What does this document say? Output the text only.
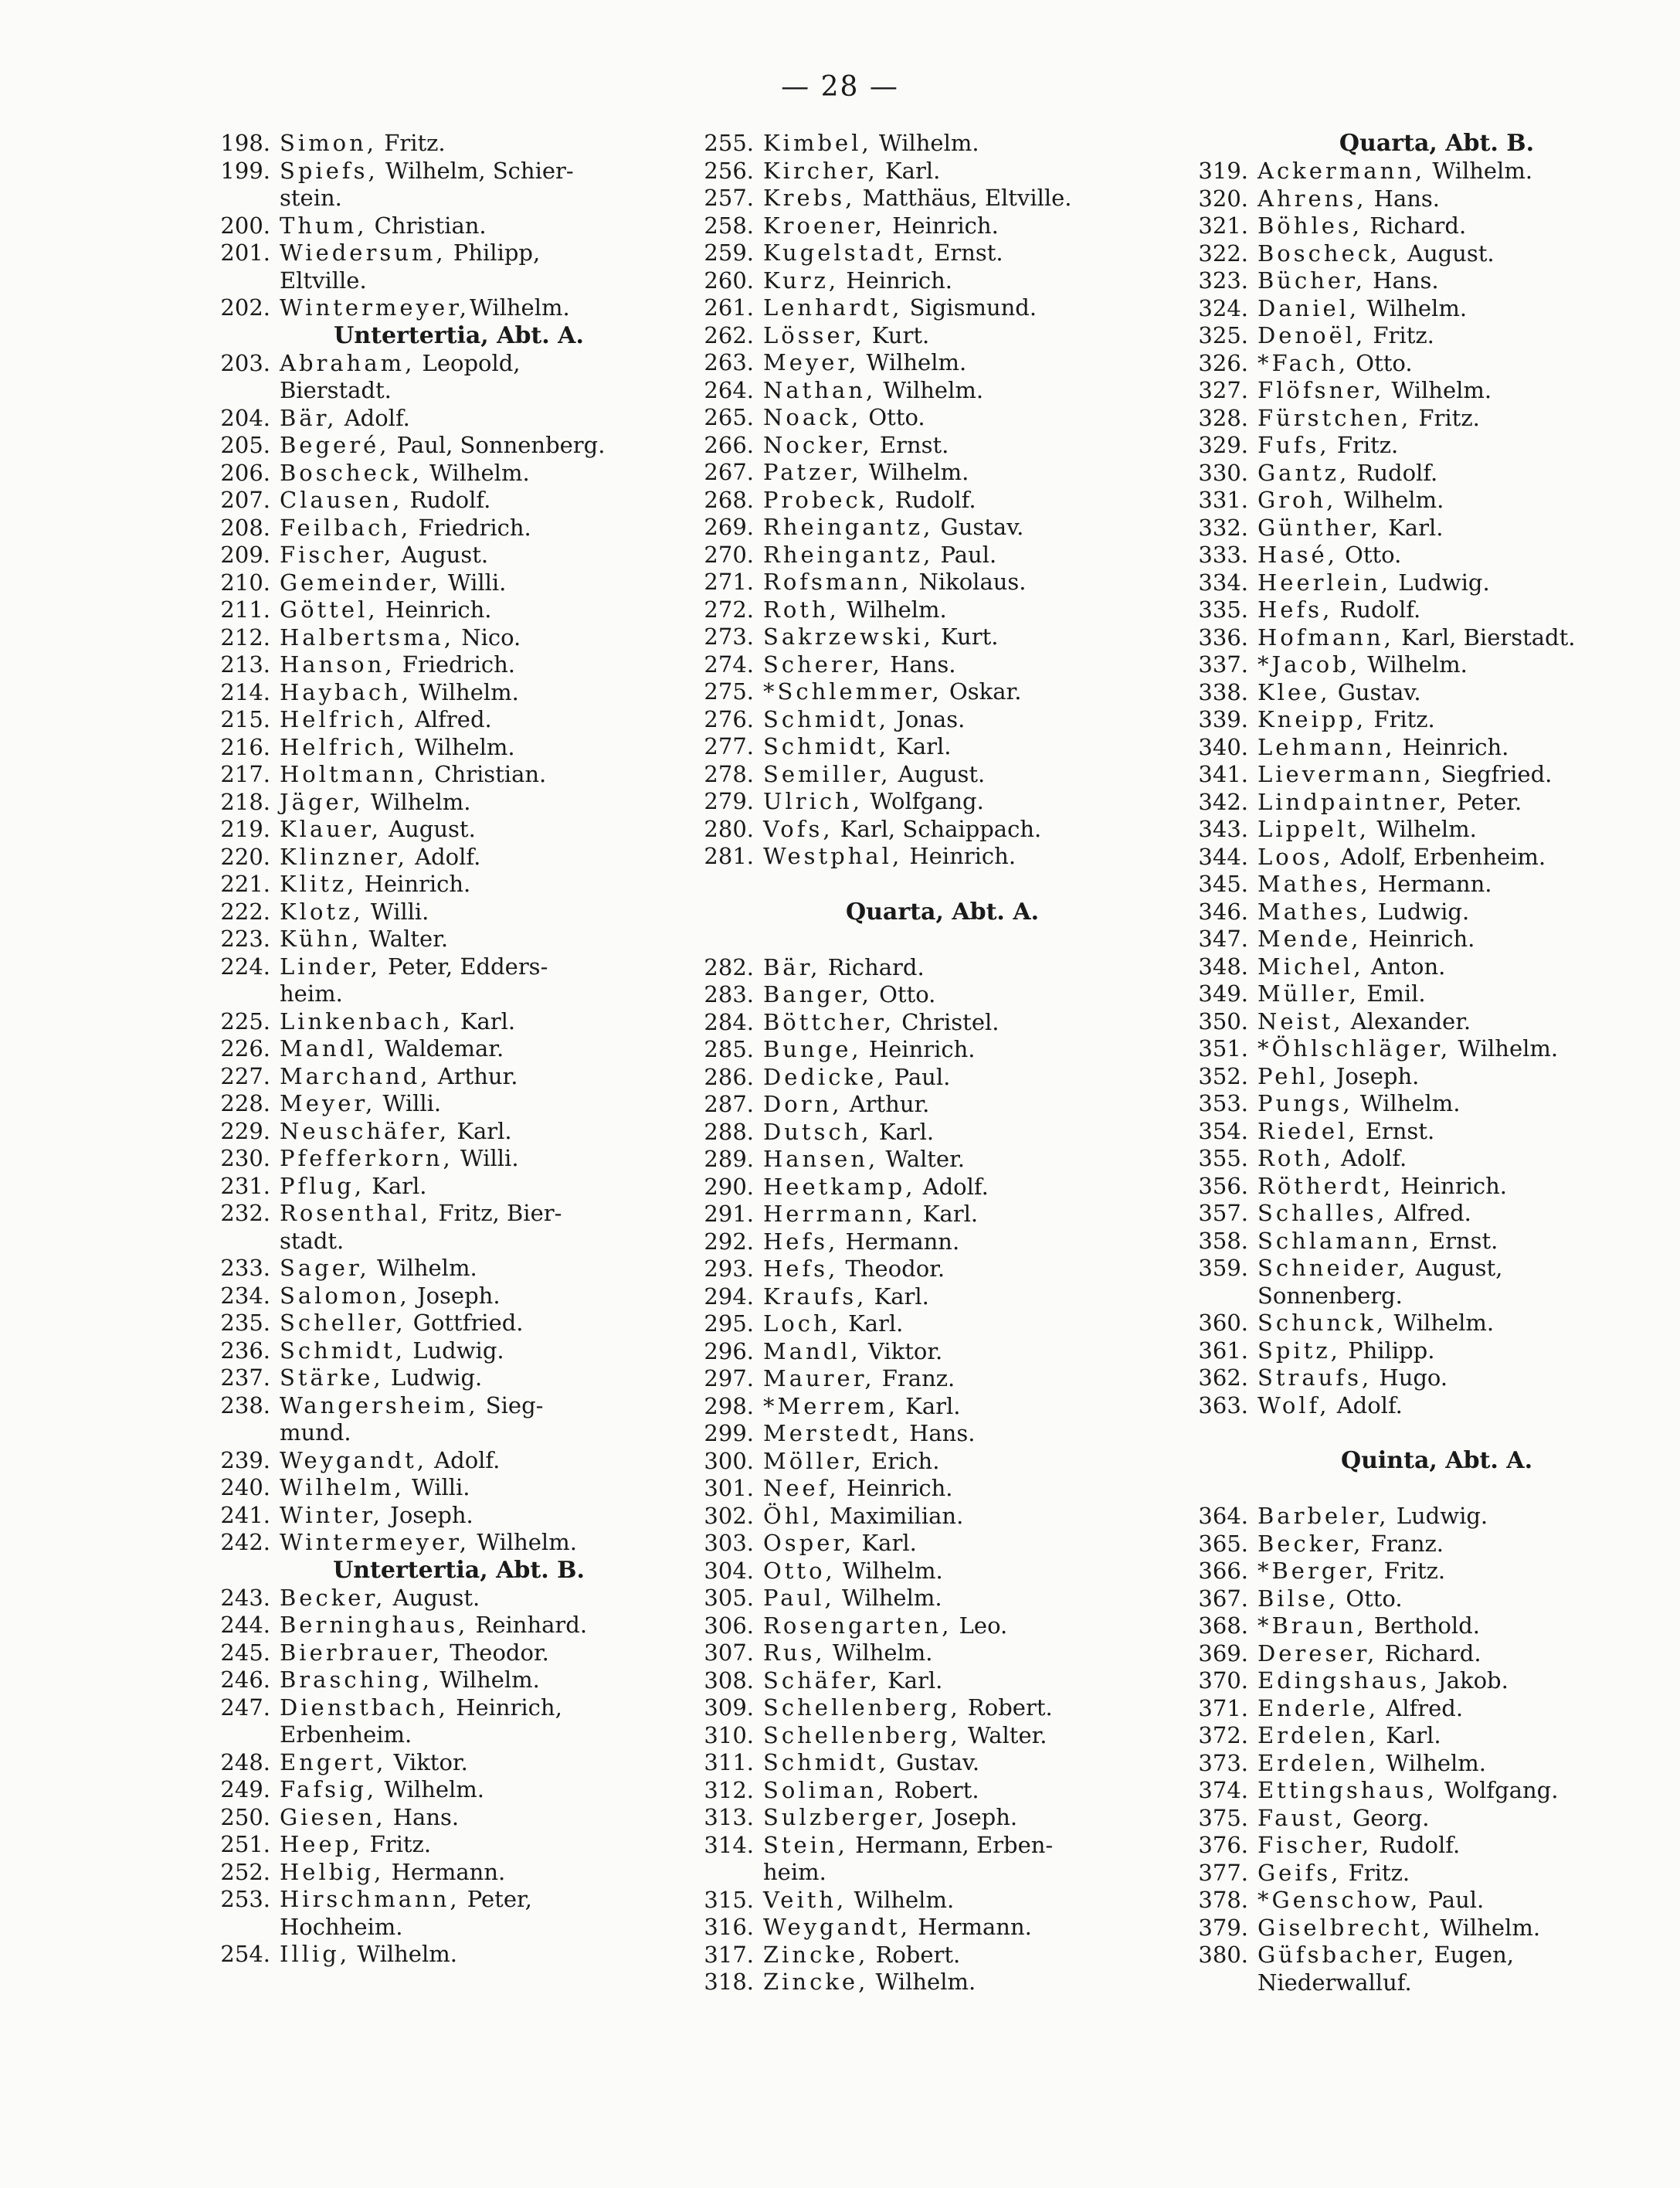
— 28 —
198. Simon, Fritz.
199. Spiefs, Wilhelm, Schier-
stein.
200. Thum, Christian.
201. Wiedersum, Philipp,
Eltville.
202. Wintermeyer,Wilhelm.
Untertertia, Abt. A.
203. Abraham, Leopold,
Bierstadt.
204. Bär, Adolf.
205. Begeré, Paul, Sonnenberg.
206. Boscheck, Wilhelm.
207. Clausen, Rudolf.
208. Feilbach, Friedrich.
209. Fischer, August.
210. Gemeinder, Willi.
211. Göttel, Heinrich.
212. Halbertsma, Nico.
213. Hanson, Friedrich.
214. Haybach, Wilhelm.
215. Helfrich, Alfred.
216. Helfrich, Wilhelm.
217. Holtmann, Christian.
218. Jäger, Wilhelm.
219. Klauer, August.
220. Klinzner, Adolf.
221. Klitz, Heinrich.
222. Klotz, Willi.
223. Kühn, Walter.
224. Linder, Peter, Edders-
heim.
225. Linkenbach, Karl.
226. Mandl, Waldemar.
227. Marchand, Arthur.
228. Meyer, Willi.
229. Neuschäfer, Karl.
230. Pfefferkorn, Willi.
231. Pflug, Karl.
232. Rosenthal, Fritz, Bier-
stadt.
233. Sager, Wilhelm.
234. Salomon, Joseph.
235. Scheller, Gottfried.
236. Schmidt, Ludwig.
237. Stärke, Ludwig.
238. Wangersheim, Sieg-
mund.
239. Weygandt, Adolf.
240. Wilhelm, Willi.
241. Winter, Joseph.
242. Wintermeyer, Wilhelm.
Untertertia, Abt. B.
243. Becker, August.
244. Berninghaus, Reinhard.
245. Bierbrauer, Theodor.
246. Brasching, Wilhelm.
247. Dienstbach, Heinrich,
Erbenheim.
248. Engert, Viktor.
249. Fafsig, Wilhelm.
250. Giesen, Hans.
251. Heep, Fritz.
252. Helbig, Hermann.
253. Hirschmann, Peter,
Hochheim.
254. Illig, Wilhelm.
255. Kimbel, Wilhelm.
256. Kircher, Karl.
257. Krebs, Matthäus, Eltville.
258. Kroener, Heinrich.
259. Kugelstadt, Ernst.
260. Kurz, Heinrich.
261. Lenhardt, Sigismund.
262. Lösser, Kurt.
263. Meyer, Wilhelm.
264. Nathan, Wilhelm.
265. Noack, Otto.
266. Nocker, Ernst.
267. Patzer, Wilhelm.
268. Probeck, Rudolf.
269. Rheingantz, Gustav.
270. Rheingantz, Paul.
271. Rofsmann, Nikolaus.
272. Roth, Wilhelm.
273. Sakrzewski, Kurt.
274. Scherer, Hans.
275. *Schlemmer, Oskar.
276. Schmidt, Jonas.
277. Schmidt, Karl.
278. Semiller, August.
279. Ulrich, Wolfgang.
280. Vofs, Karl, Schaippach.
281. Westphal, Heinrich.
Quarta, Abt. A.
282. Bär, Richard.
283. Banger, Otto.
284. Böttcher, Christel.
285. Bunge, Heinrich.
286. Dedicke, Paul.
287. Dorn, Arthur.
288. Dutsch, Karl.
289. Hansen, Walter.
290. Heetkamp, Adolf.
291. Herrmann, Karl.
292. Hefs, Hermann.
293. Hefs, Theodor.
294. Kraufs, Karl.
295. Loch, Karl.
296. Mandl, Viktor.
297. Maurer, Franz.
298. *Merrem, Karl.
299. Merstedt, Hans.
300. Möller, Erich.
301. Neef, Heinrich.
302. Öhl, Maximilian.
303. Osper, Karl.
304. Otto, Wilhelm.
305. Paul, Wilhelm.
306. Rosengarten, Leo.
307. Rus, Wilhelm.
308. Schäfer, Karl.
309. Schellenberg, Robert.
310. Schellenberg, Walter.
311. Schmidt, Gustav.
312. Soliman, Robert.
313. Sulzberger, Joseph.
314. Stein, Hermann, Erben-
heim.
315. Veith, Wilhelm.
316. Weygandt, Hermann.
317. Zincke, Robert.
318. Zincke, Wilhelm.
Quarta, Abt. B.
319. Ackermann, Wilhelm.
320. Ahrens, Hans.
321. Böhles, Richard.
322. Boscheck, August.
323. Bücher, Hans.
324. Daniel, Wilhelm.
325. Denoël, Fritz.
326. *Fach, Otto.
327. Flöfsner, Wilhelm.
328. Fürstchen, Fritz.
329. Fufs, Fritz.
330. Gantz, Rudolf.
331. Groh, Wilhelm.
332. Günther, Karl.
333. Hasé, Otto.
334. Heerlein, Ludwig.
335. Hefs, Rudolf.
336. Hofmann, Karl, Bierstadt.
337. *Jacob, Wilhelm.
338. Klee, Gustav.
339. Kneipp, Fritz.
340. Lehmann, Heinrich.
341. Lievermann, Siegfried.
342. Lindpaintner, Peter.
343. Lippelt, Wilhelm.
344. Loos, Adolf, Erbenheim.
345. Mathes, Hermann.
346. Mathes, Ludwig.
347. Mende, Heinrich.
348. Michel, Anton.
349. Müller, Emil.
350. Neist, Alexander.
351. *Öhlschläger, Wilhelm.
352. Pehl, Joseph.
353. Pungs, Wilhelm.
354. Riedel, Ernst.
355. Roth, Adolf.
356. Rötherdt, Heinrich.
357. Schalles, Alfred.
358. Schlamann, Ernst.
359. Schneider, August,
Sonnenberg.
360. Schunck, Wilhelm.
361. Spitz, Philipp.
362. Straufs, Hugo.
363. Wolf, Adolf.
Quinta, Abt. A.
364. Barbeler, Ludwig.
365. Becker, Franz.
366. *Berger, Fritz.
367. Bilse, Otto.
368. *Braun, Berthold.
369. Dereser, Richard.
370. Edingshaus, Jakob.
371. Enderle, Alfred.
372. Erdelen, Karl.
373. Erdelen, Wilhelm.
374. Ettingshaus, Wolfgang.
375. Faust, Georg.
376. Fischer, Rudolf.
377. Geifs, Fritz.
378. *Genschow, Paul.
379. Giselbrecht, Wilhelm.
380. Güfsbacher, Eugen,
Niederwalluf.
